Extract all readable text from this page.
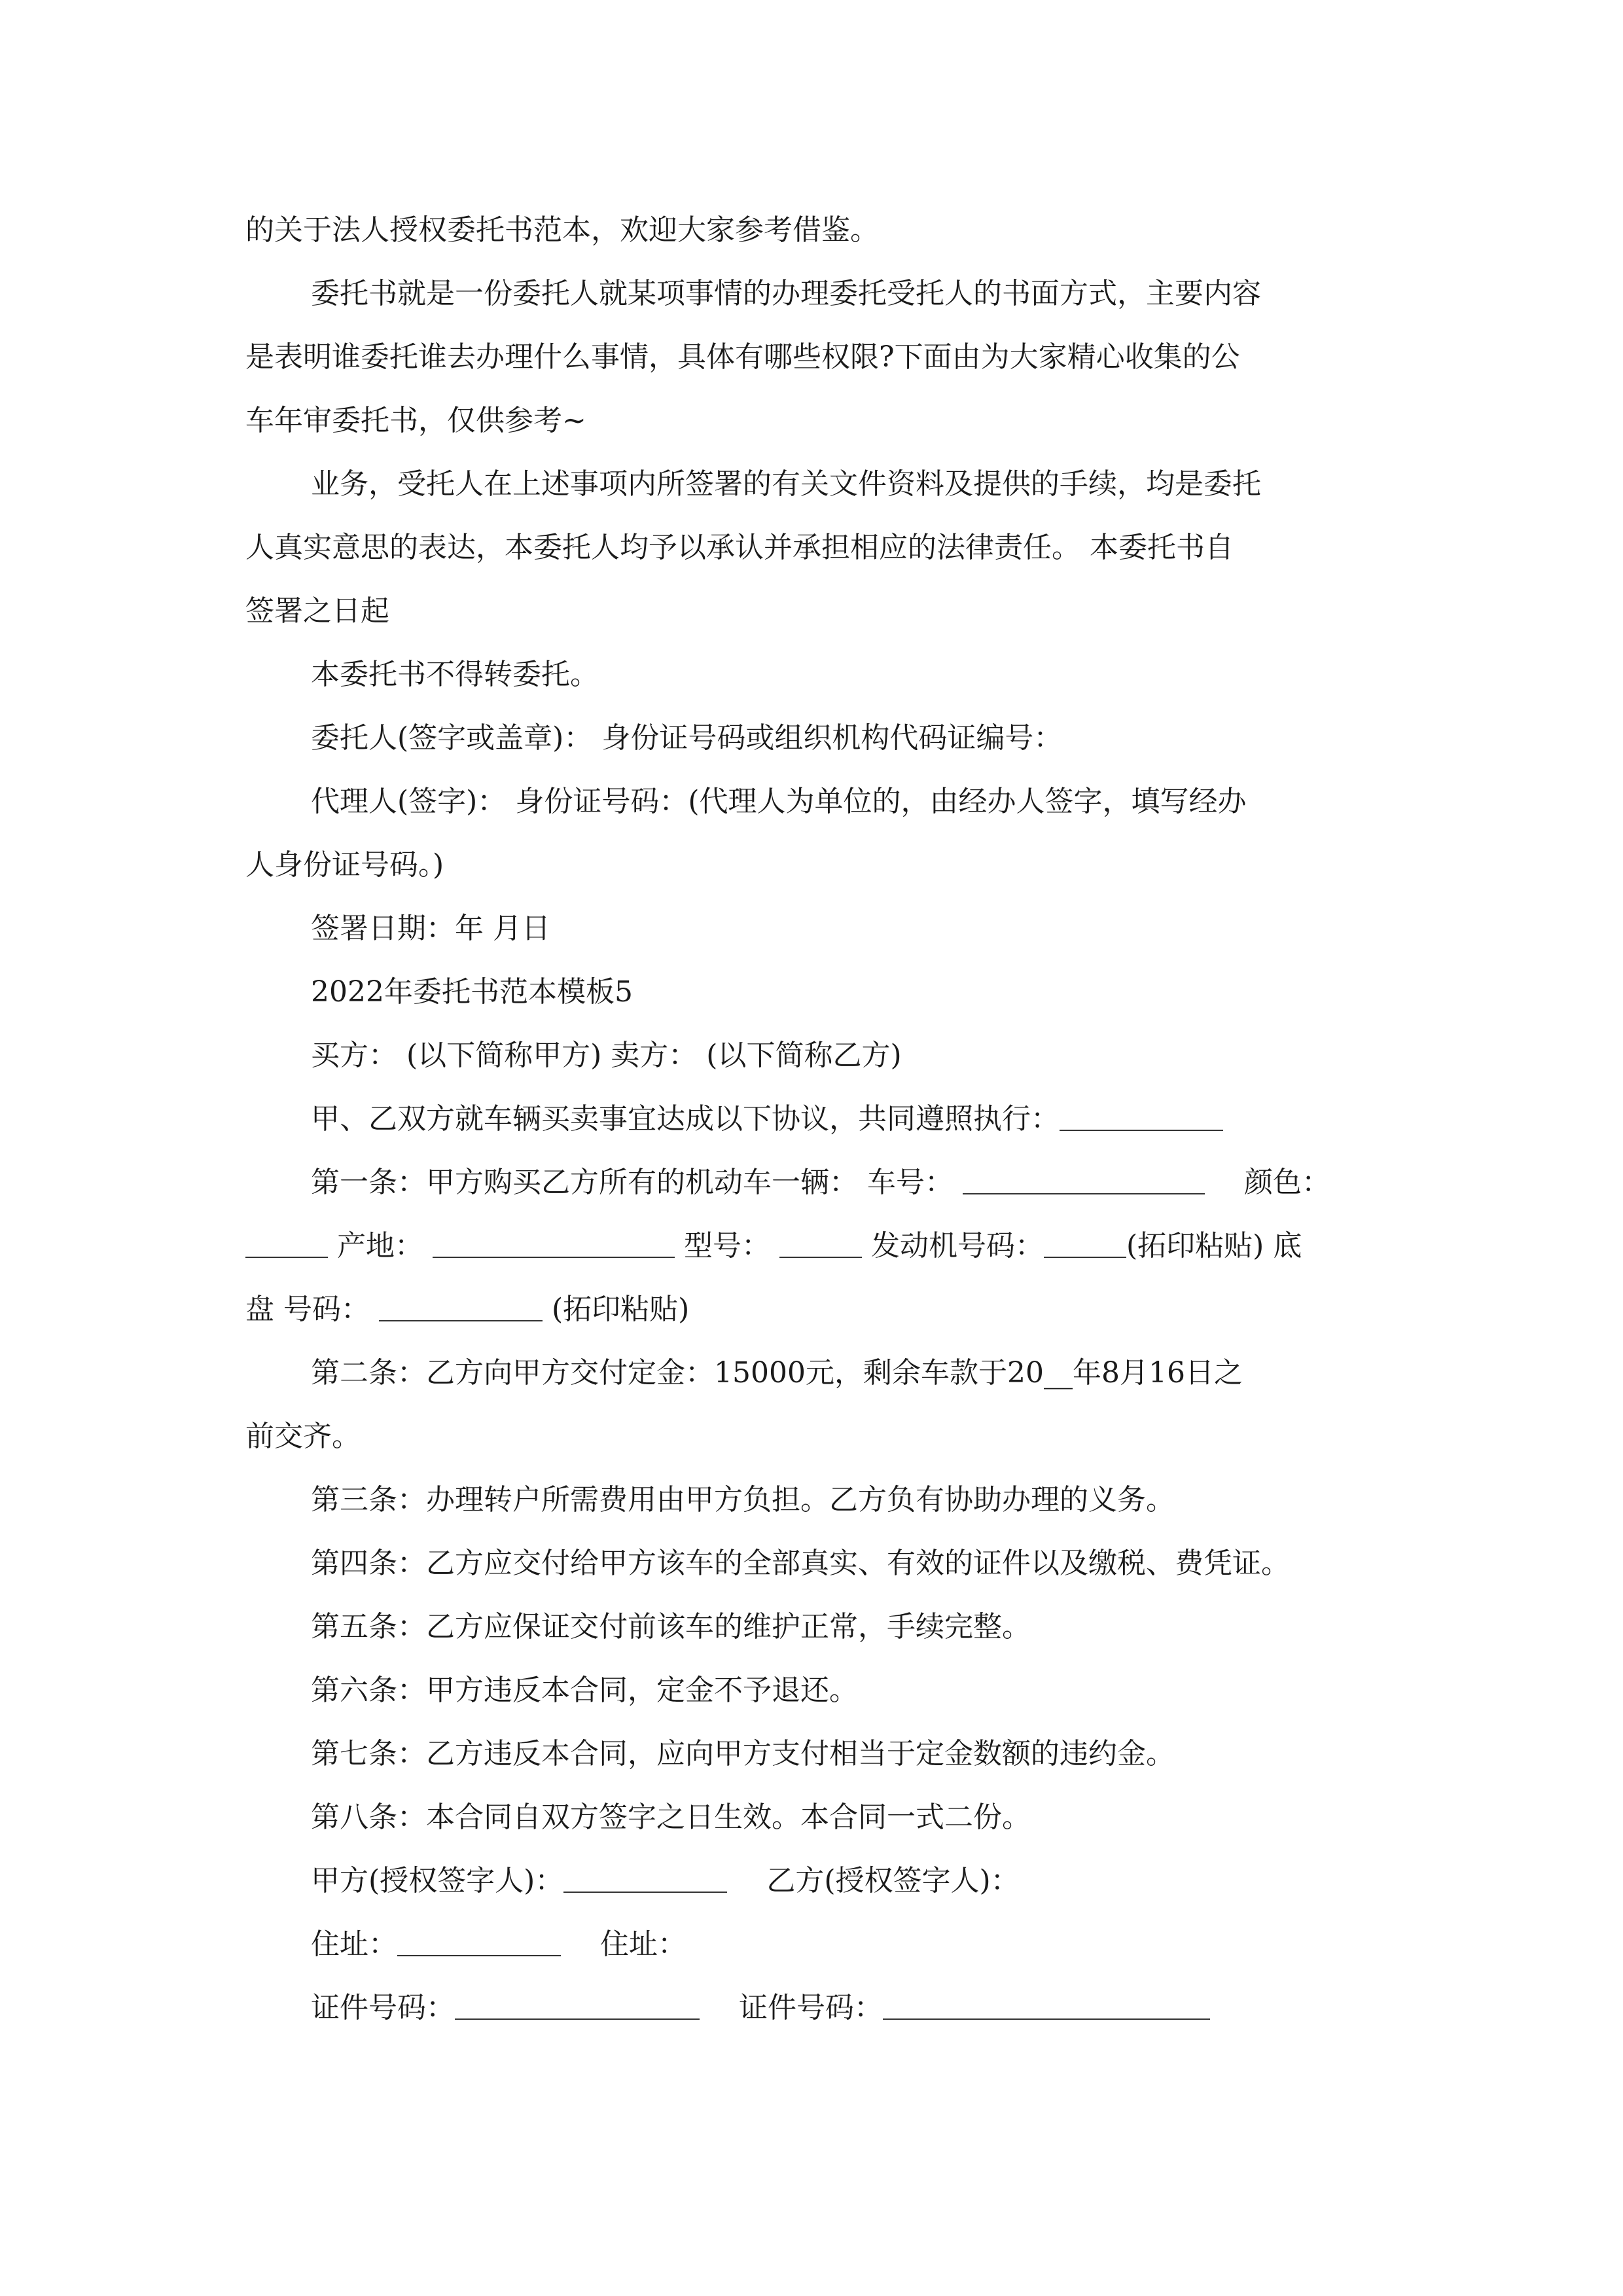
的关于法人授权委托书范本，欢迎大家参考借鉴。
委托书就是一份委托人就某项事情的办理委托受托人的书面方式，主要内容
是表明谁委托谁去办理什么事情，具体有哪些权限?下面由为大家精心收集的公
车年审委托书，仅供参考~
业务，受托人在上述事项内所签署的有关文件资料及提供的手续，均是委托
人真实意思的表达，本委托人均予以承认并承担相应的法律责任。 本委托书自
签署之日起
本委托书不得转委托。
委托人(签字或盖章)： 身份证号码或组织机构代码证编号：
代理人(签字)： 身份证号码：(代理人为单位的，由经办人签字，填写经办
人身份证号码。)
签署日期：年 月日
2022年委托书范本模板5
买方： (以下简称甲方) 卖方： (以下简称乙方)
甲、乙双方就车辆买卖事宜达成以下协议，共同遵照执行：
第一条：甲方购买乙方所有的机动车一辆： 车号：	颜色：
产地：	型号：	发动机号码：	(拓印粘贴) 底
盘 号码：	(拓印粘贴)
第二条：乙方向甲方交付定金：15000元，剩余车款于20__年8月16日之
前交齐。
第三条：办理转户所需费用由甲方负担。乙方负有协助办理的义务。
第四条：乙方应交付给甲方该车的全部真实、有效的证件以及缴税、费凭证。
第五条：乙方应保证交付前该车的维护正常，手续完整。
第六条：甲方违反本合同，定金不予退还。
第七条：乙方违反本合同，应向甲方支付相当于定金数额的违约金。
第八条：本合同自双方签字之日生效。本合同一式二份。
甲方(授权签字人)：	乙方(授权签字人)：
住址：	住址：
证件号码：	证件号码：
